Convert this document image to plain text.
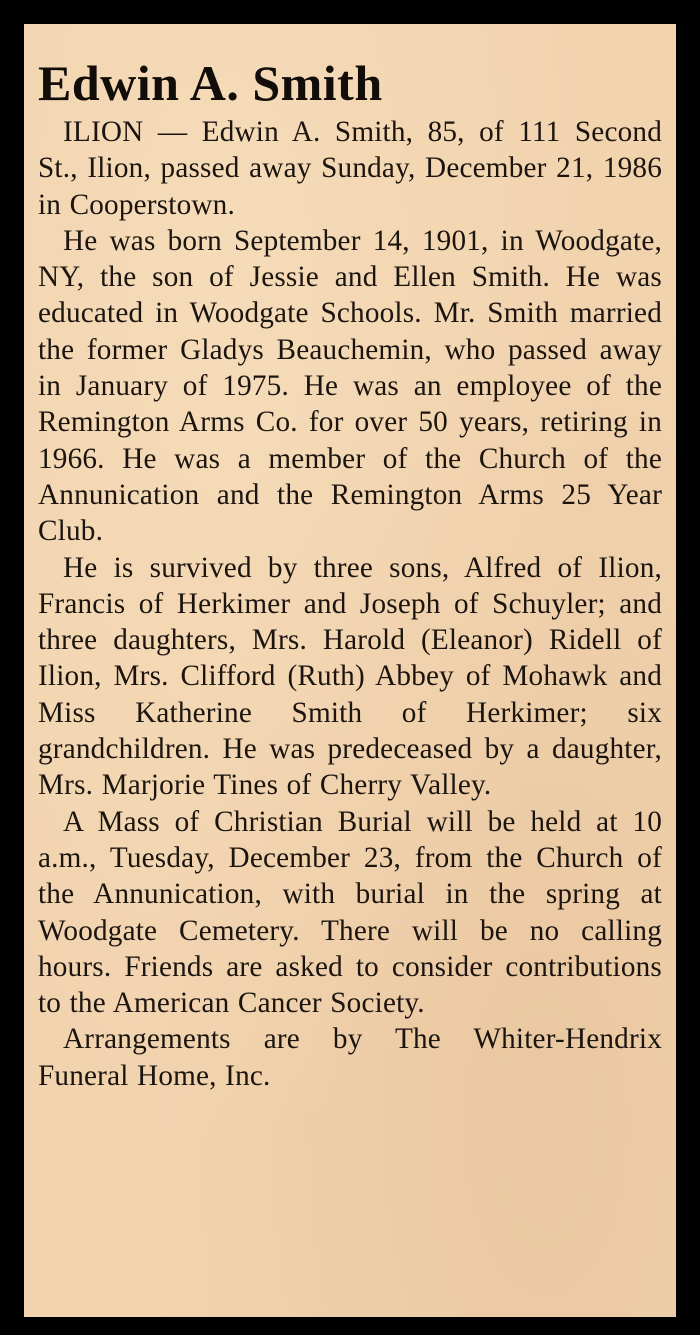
Edwin A. Smith

ILION — Edwin A. Smith, 85, of 111 Second St., Ilion, passed away Sunday, December 21, 1986 in Cooperstown.

He was born September 14, 1901, in Woodgate, NY, the son of Jessie and Ellen Smith. He was educated in Woodgate Schools. Mr. Smith married the former Gladys Beauchemin, who passed away in January of 1975. He was an employee of the Remington Arms Co. for over 50 years, retiring in 1966. He was a member of the Church of the Annunication and the Remington Arms 25 Year Club.

He is survived by three sons, Alfred of Ilion, Francis of Herkimer and Joseph of Schuyler; and three daughters, Mrs. Harold (Eleanor) Ridell of Ilion, Mrs. Clifford (Ruth) Abbey of Mohawk and Miss Katherine Smith of Herkimer; six grandchildren. He was predeceased by a daughter, Mrs. Marjorie Tines of Cherry Valley.

A Mass of Christian Burial will be held at 10 a.m., Tuesday, December 23, from the Church of the Annunication, with burial in the spring at Woodgate Cemetery. There will be no calling hours. Friends are asked to consider contributions to the American Cancer Society.

Arrangements are by The Whiter-Hendrix Funeral Home, Inc.
